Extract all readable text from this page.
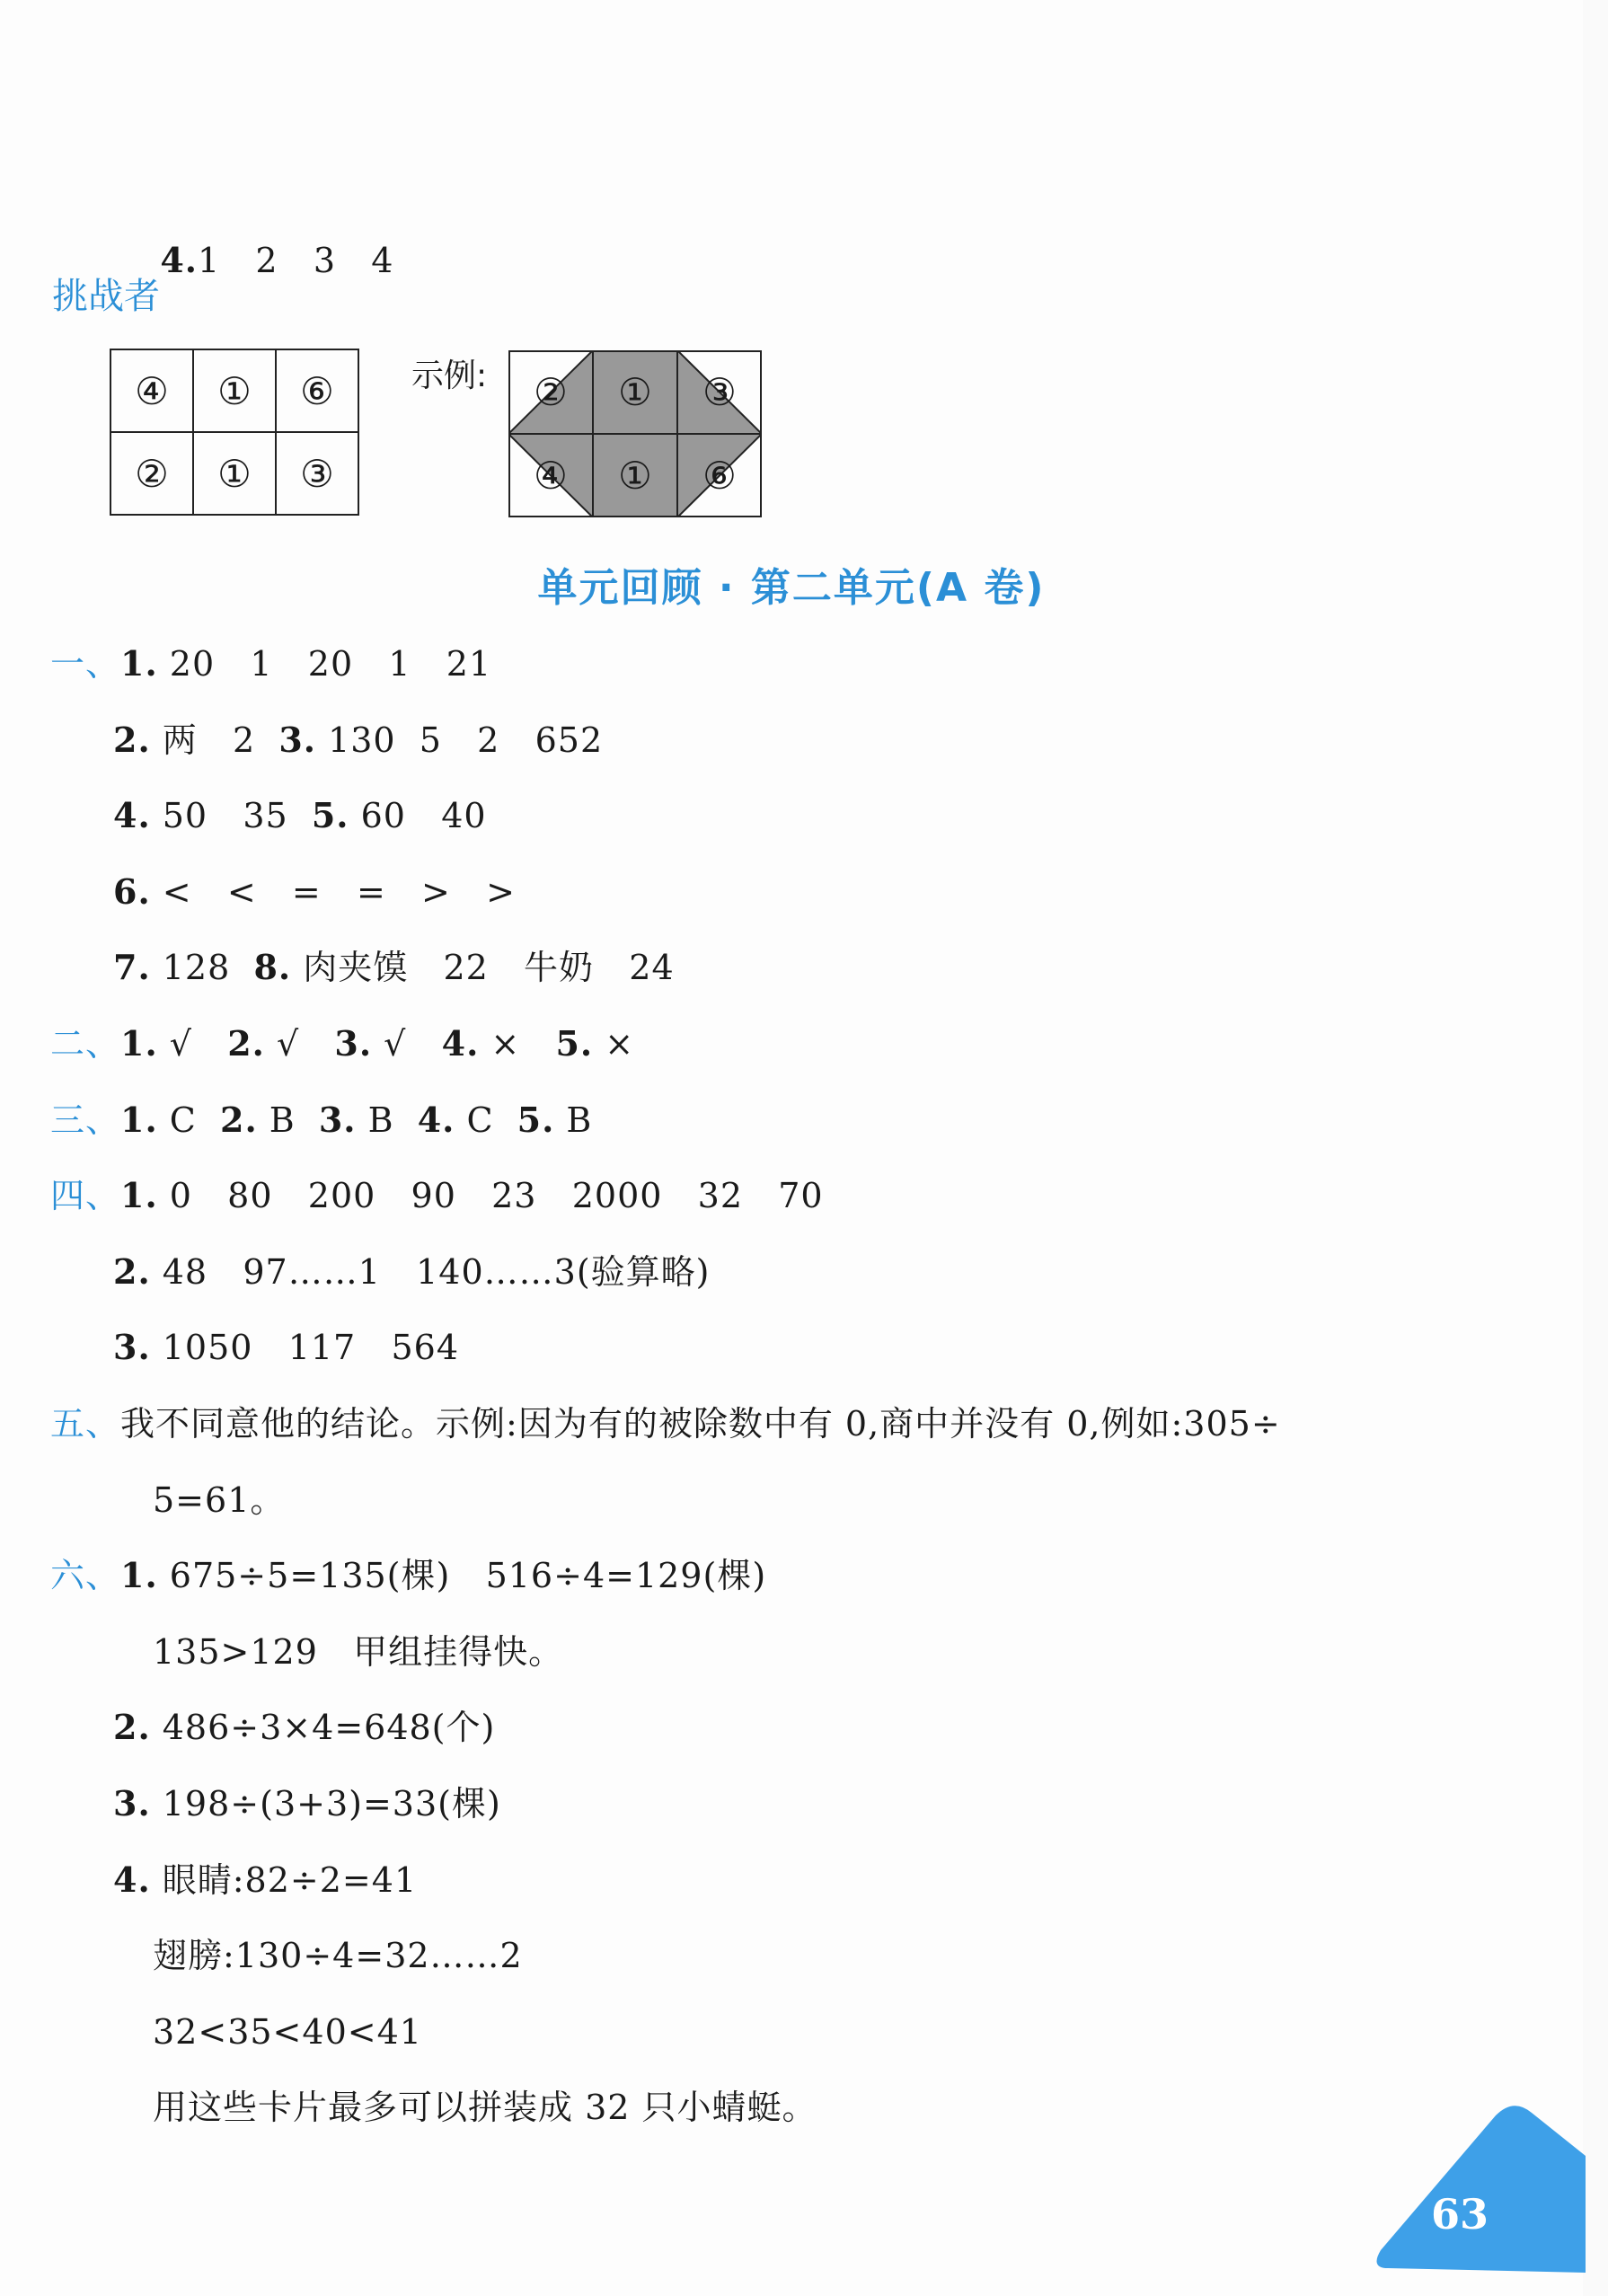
4.1   2   3   4

挑战者
④	①	⑥
②	①	③
示例:	②	①	③
④	①	⑥
单元回顾 · 第二单元(A 卷)
一、1. 20   1   20   1   21
2. 两   2  3. 130  5   2   652
4. 50   35  5. 60   40
6. <   <   =   =   >   >
7. 128  8. 肉夹馍   22   牛奶   24
二、1. √   2. √   3. √   4. ×   5. ×
三、1. C  2. B  3. B  4. C  5. B
四、1. 0   80   200   90   23   2000   32   70
2. 48   97……1   140……3(验算略)
3. 1050   117   564
五、我不同意他的结论。示例:因为有的被除数中有 0,商中并没有 0,例如:305÷
5=61。
六、1. 675÷5=135(棵)   516÷4=129(棵)
135>129   甲组挂得快。
2. 486÷3×4=648(个)
3. 198÷(3+3)=33(棵)
4. 眼睛:82÷2=41
翅膀:130÷4=32……2
32<35<40<41
用这些卡片最多可以拼装成 32 只小蜻蜓。
63
